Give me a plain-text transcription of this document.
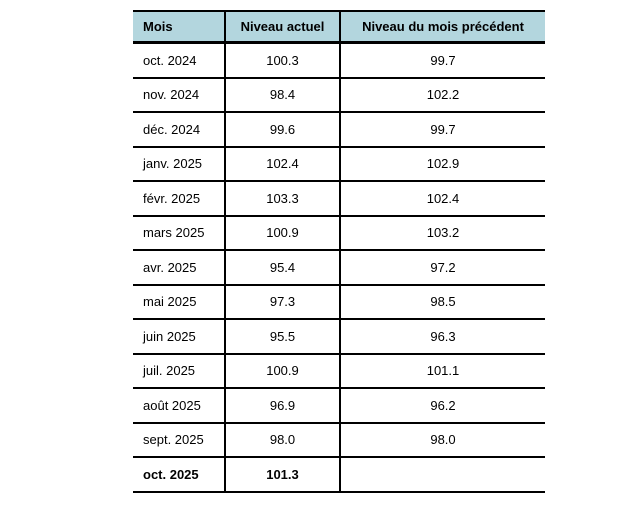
Mois	Niveau actuel	Niveau du mois précédent
oct. 2024	100.3	99.7
nov. 2024	98.4	102.2
déc. 2024	99.6	99.7
janv. 2025	102.4	102.9
févr. 2025	103.3	102.4
mars 2025	100.9	103.2
avr. 2025	95.4	97.2
mai 2025	97.3	98.5
juin 2025	95.5	96.3
juil. 2025	100.9	101.1
août 2025	96.9	96.2
sept. 2025	98.0	98.0
oct. 2025	101.3	
